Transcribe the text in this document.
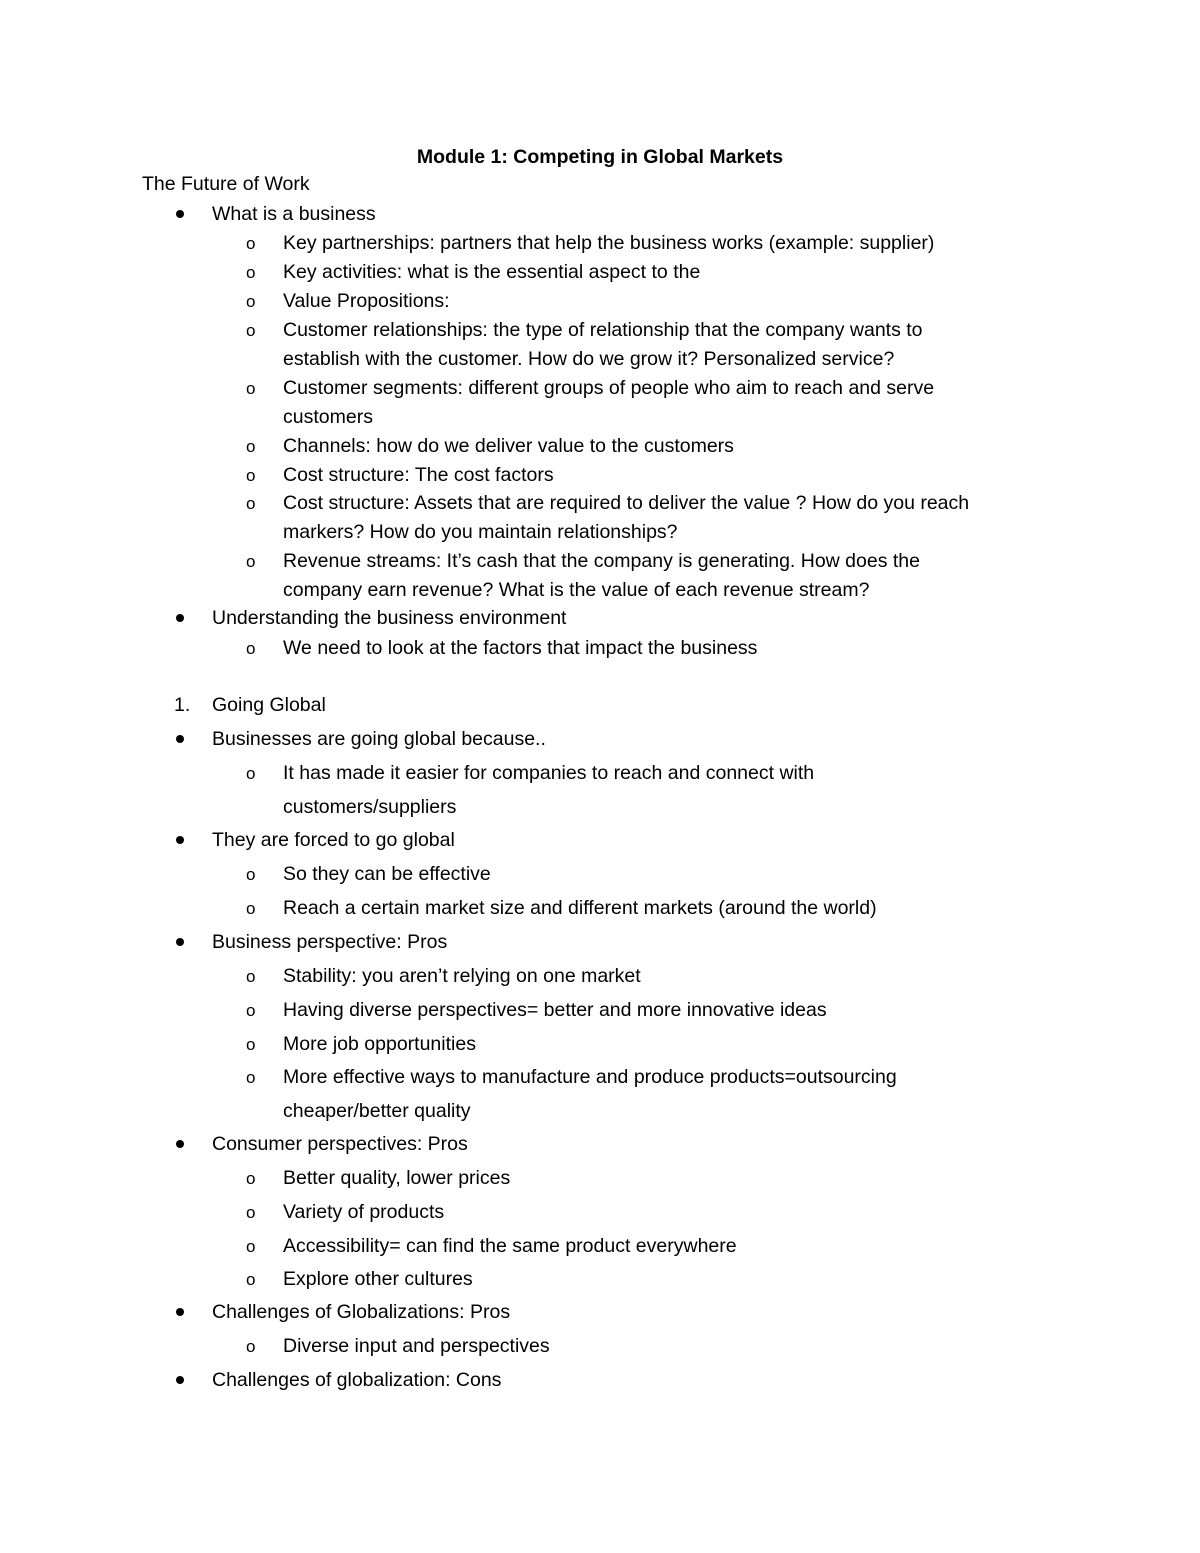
Module 1: Competing in Global Markets
The Future of Work
What is a business
o Key partnerships: partners that help the business works (example: supplier)
o Key activities: what is the essential aspect to the
o Value Propositions:
o Customer relationships: the type of relationship that the company wants to
establish with the customer. How do we grow it? Personalized service?
o Customer segments: different groups of people who aim to reach and serve
customers
o Channels: how do we deliver value to the customers
o Cost structure: The cost factors
o Cost structure: Assets that are required to deliver the value ? How do you reach
markers? How do you maintain relationships?
o Revenue streams: It’s cash that the company is generating. How does the
company earn revenue? What is the value of each revenue stream?
Understanding the business environment
o We need to look at the factors that impact the business
1. Going Global
Businesses are going global because..
o It has made it easier for companies to reach and connect with
customers/suppliers
They are forced to go global
o So they can be effective
o Reach a certain market size and different markets (around the world)
Business perspective: Pros
o Stability: you aren’t relying on one market
o Having diverse perspectives= better and more innovative ideas
o More job opportunities
o More effective ways to manufacture and produce products=outsourcing
cheaper/better quality
Consumer perspectives: Pros
o Better quality, lower prices
o Variety of products
o Accessibility= can find the same product everywhere
o Explore other cultures
Challenges of Globalizations: Pros
o Diverse input and perspectives
Challenges of globalization: Cons
